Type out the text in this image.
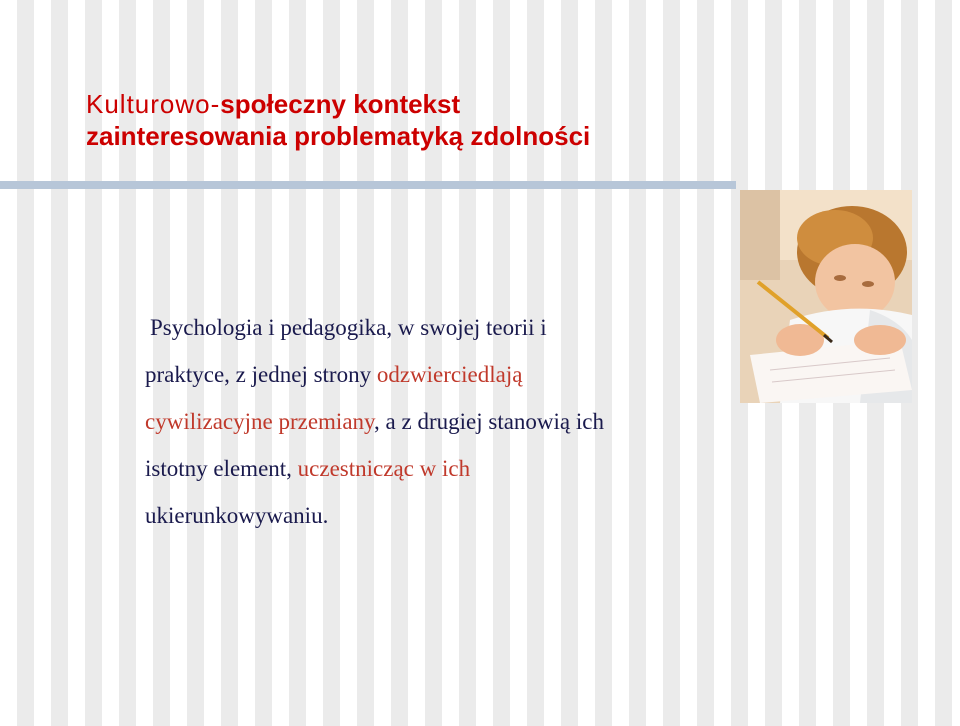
Kulturowo-społeczny kontekst
zainteresowania problematyką zdolności
Psychologia i pedagogika, w swojej teorii i
praktyce, z jednej strony odzwierciedlają
cywilizacyjne przemiany, a z drugiej stanowią ich
istotny element, uczestnicząc w ich
ukierunkowywaniu.
